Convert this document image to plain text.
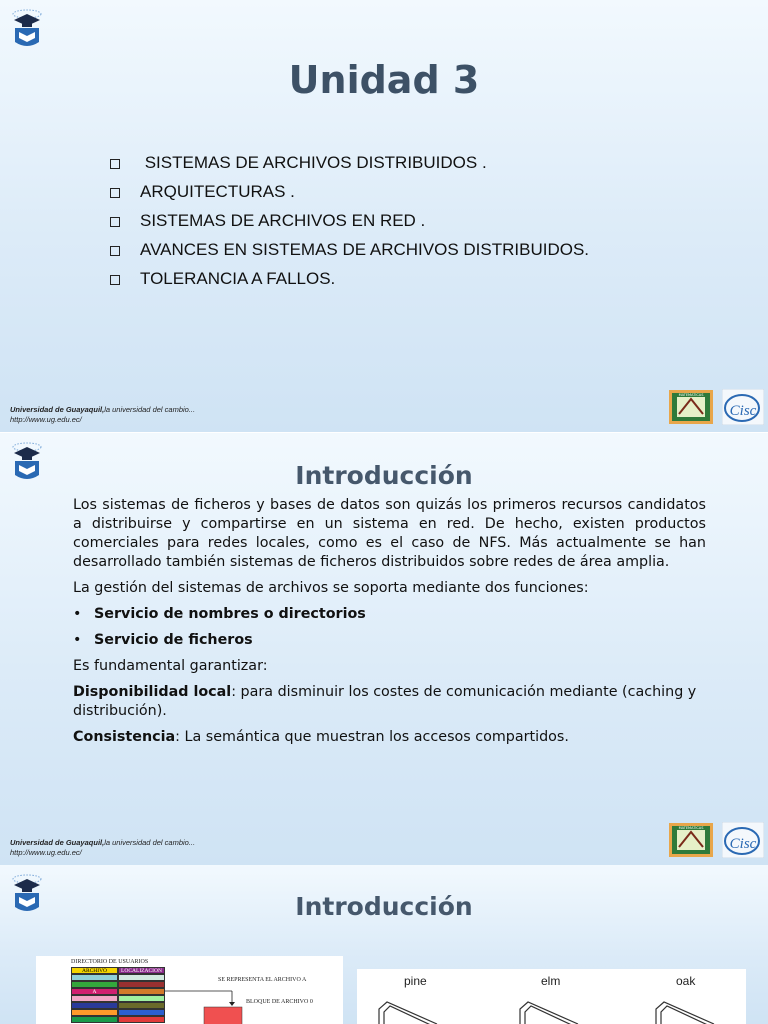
Unidad 3
SISTEMAS DE ARCHIVOS DISTRIBUIDOS .
ARQUITECTURAS .
SISTEMAS DE ARCHIVOS EN RED .
AVANCES EN SISTEMAS DE ARCHIVOS DISTRIBUIDOS.
TOLERANCIA A FALLOS.
Universidad de Guayaquil,la universidad del cambio...
http://www.ug.edu.ec/
MATEMATICAS
Cisc
Introducción

Los sistemas de ficheros y bases de datos son quizás los primeros recursos candidatos a distribuirse y compartirse en un sistema en red. De hecho, existen productos comerciales para redes locales, como es el caso de NFS. Más actualmente se han desarrollado también sistemas de ficheros distribuidos sobre redes de área amplia.

La gestión del sistemas de archivos se soporta mediante dos funciones:

• Servicio de nombres o directorios

• Servicio de ficheros

Es fundamental garantizar:

Disponibilidad local: para disminuir los costes de comunicación mediante (caching y distribución).

Consistencia: La semántica que muestran los accesos compartidos.

Universidad de Guayaquil,la universidad del cambio...
http://www.ug.edu.ec/
MATEMATICAS
Cisc
Introducción
DIRECTORIO DE USUARIOS
ARCHIVO	LOCALIZACION
A
SE REPRESENTA EL ARCHIVO A
BLOQUE DE ARCHIVO 0
pine	elm	oak
